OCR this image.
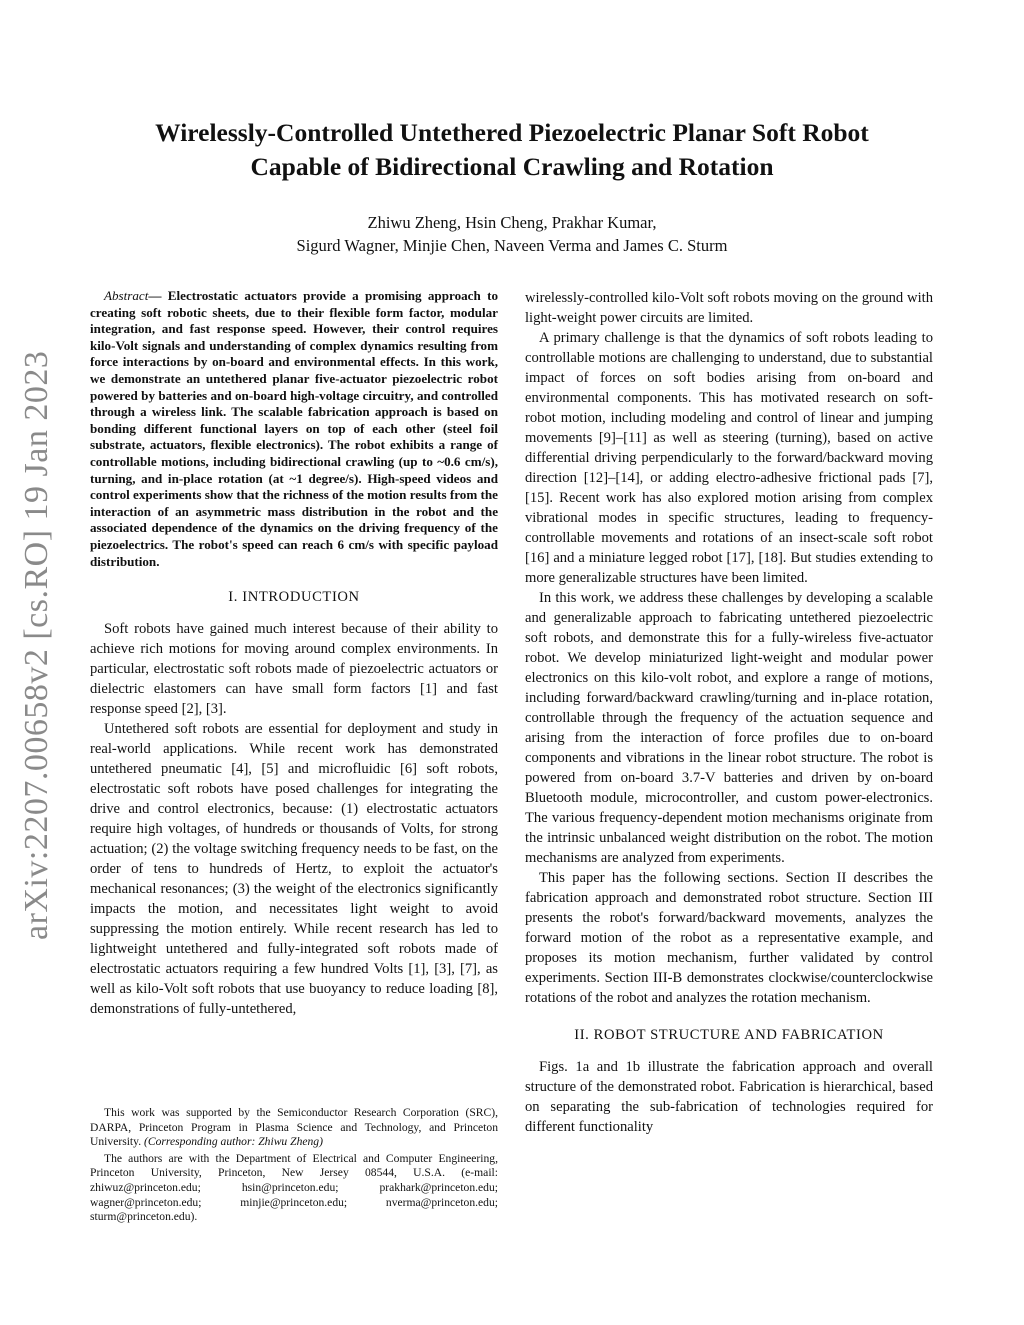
arXiv:2207.00658v2 [cs.RO] 19 Jan 2023
Wirelessly-Controlled Untethered Piezoelectric Planar Soft Robot
Capable of Bidirectional Crawling and Rotation
Zhiwu Zheng, Hsin Cheng, Prakhar Kumar,
Sigurd Wagner, Minjie Chen, Naveen Verma and James C. Sturm

Abstract— Electrostatic actuators provide a promising approach to creating soft robotic sheets, due to their flexible form factor, modular integration, and fast response speed. However, their control requires kilo-Volt signals and understanding of complex dynamics resulting from force interactions by on-board and environmental effects. In this work, we demonstrate an untethered planar five-actuator piezoelectric robot powered by batteries and on-board high-voltage circuitry, and controlled through a wireless link. The scalable fabrication approach is based on bonding different functional layers on top of each other (steel foil substrate, actuators, flexible electronics). The robot exhibits a range of controllable motions, including bidirectional crawling (up to ~0.6 cm/s), turning, and in-place rotation (at ~1 degree/s). High-speed videos and control experiments show that the richness of the motion results from the interaction of an asymmetric mass distribution in the robot and the associated dependence of the dynamics on the driving frequency of the piezoelectrics. The robot's speed can reach 6 cm/s with specific payload distribution.

I. INTRODUCTION

Soft robots have gained much interest because of their ability to achieve rich motions for moving around complex environments. In particular, electrostatic soft robots made of piezoelectric actuators or dielectric elastomers can have small form factors [1] and fast response speed [2], [3].

Untethered soft robots are essential for deployment and study in real-world applications. While recent work has demonstrated untethered pneumatic [4], [5] and microfluidic [6] soft robots, electrostatic soft robots have posed challenges for integrating the drive and control electronics, because: (1) electrostatic actuators require high voltages, of hundreds or thousands of Volts, for strong actuation; (2) the voltage switching frequency needs to be fast, on the order of tens to hundreds of Hertz, to exploit the actuator's mechanical resonances; (3) the weight of the electronics significantly impacts the motion, and necessitates light weight to avoid suppressing the motion entirely. While recent research has led to lightweight untethered and fully-integrated soft robots made of electrostatic actuators requiring a few hundred Volts [1], [3], [7], as well as kilo-Volt soft robots that use buoyancy to reduce loading [8], demonstrations of fully-untethered,

This work was supported by the Semiconductor Research Corporation (SRC), DARPA, Princeton Program in Plasma Science and Technology, and Princeton University. (Corresponding author: Zhiwu Zheng)

The authors are with the Department of Electrical and Computer Engineering, Princeton University, Princeton, New Jersey 08544, U.S.A. (e-mail: zhiwuz@princeton.edu; hsin@princeton.edu; prakhark@princeton.edu; wagner@princeton.edu; minjie@princeton.edu; nverma@princeton.edu; sturm@princeton.edu).

wirelessly-controlled kilo-Volt soft robots moving on the ground with light-weight power circuits are limited.

A primary challenge is that the dynamics of soft robots leading to controllable motions are challenging to understand, due to substantial impact of forces on soft bodies arising from on-board and environmental components. This has motivated research on soft-robot motion, including modeling and control of linear and jumping movements [9]–[11] as well as steering (turning), based on active differential driving perpendicularly to the forward/backward moving direction [12]–[14], or adding electro-adhesive frictional pads [7], [15]. Recent work has also explored motion arising from complex vibrational modes in specific structures, leading to frequency-controllable movements and rotations of an insect-scale soft robot [16] and a miniature legged robot [17], [18]. But studies extending to more generalizable structures have been limited.

In this work, we address these challenges by developing a scalable and generalizable approach to fabricating untethered piezoelectric soft robots, and demonstrate this for a fully-wireless five-actuator robot. We develop miniaturized light-weight and modular power electronics on this kilo-volt robot, and explore a range of motions, including forward/backward crawling/turning and in-place rotation, controllable through the frequency of the actuation sequence and arising from the interaction of force profiles due to on-board components and vibrations in the linear robot structure. The robot is powered from on-board 3.7-V batteries and driven by on-board Bluetooth module, microcontroller, and custom power-electronics. The various frequency-dependent motion mechanisms originate from the intrinsic unbalanced weight distribution on the robot. The motion mechanisms are analyzed from experiments.

This paper has the following sections. Section II describes the fabrication approach and demonstrated robot structure. Section III presents the robot's forward/backward movements, analyzes the forward motion of the robot as a representative example, and proposes its motion mechanism, further validated by control experiments. Section III-B demonstrates clockwise/counterclockwise rotations of the robot and analyzes the rotation mechanism.

II. ROBOT STRUCTURE AND FABRICATION

Figs. 1a and 1b illustrate the fabrication approach and overall structure of the demonstrated robot. Fabrication is hierarchical, based on separating the sub-fabrication of technologies required for different functionality
